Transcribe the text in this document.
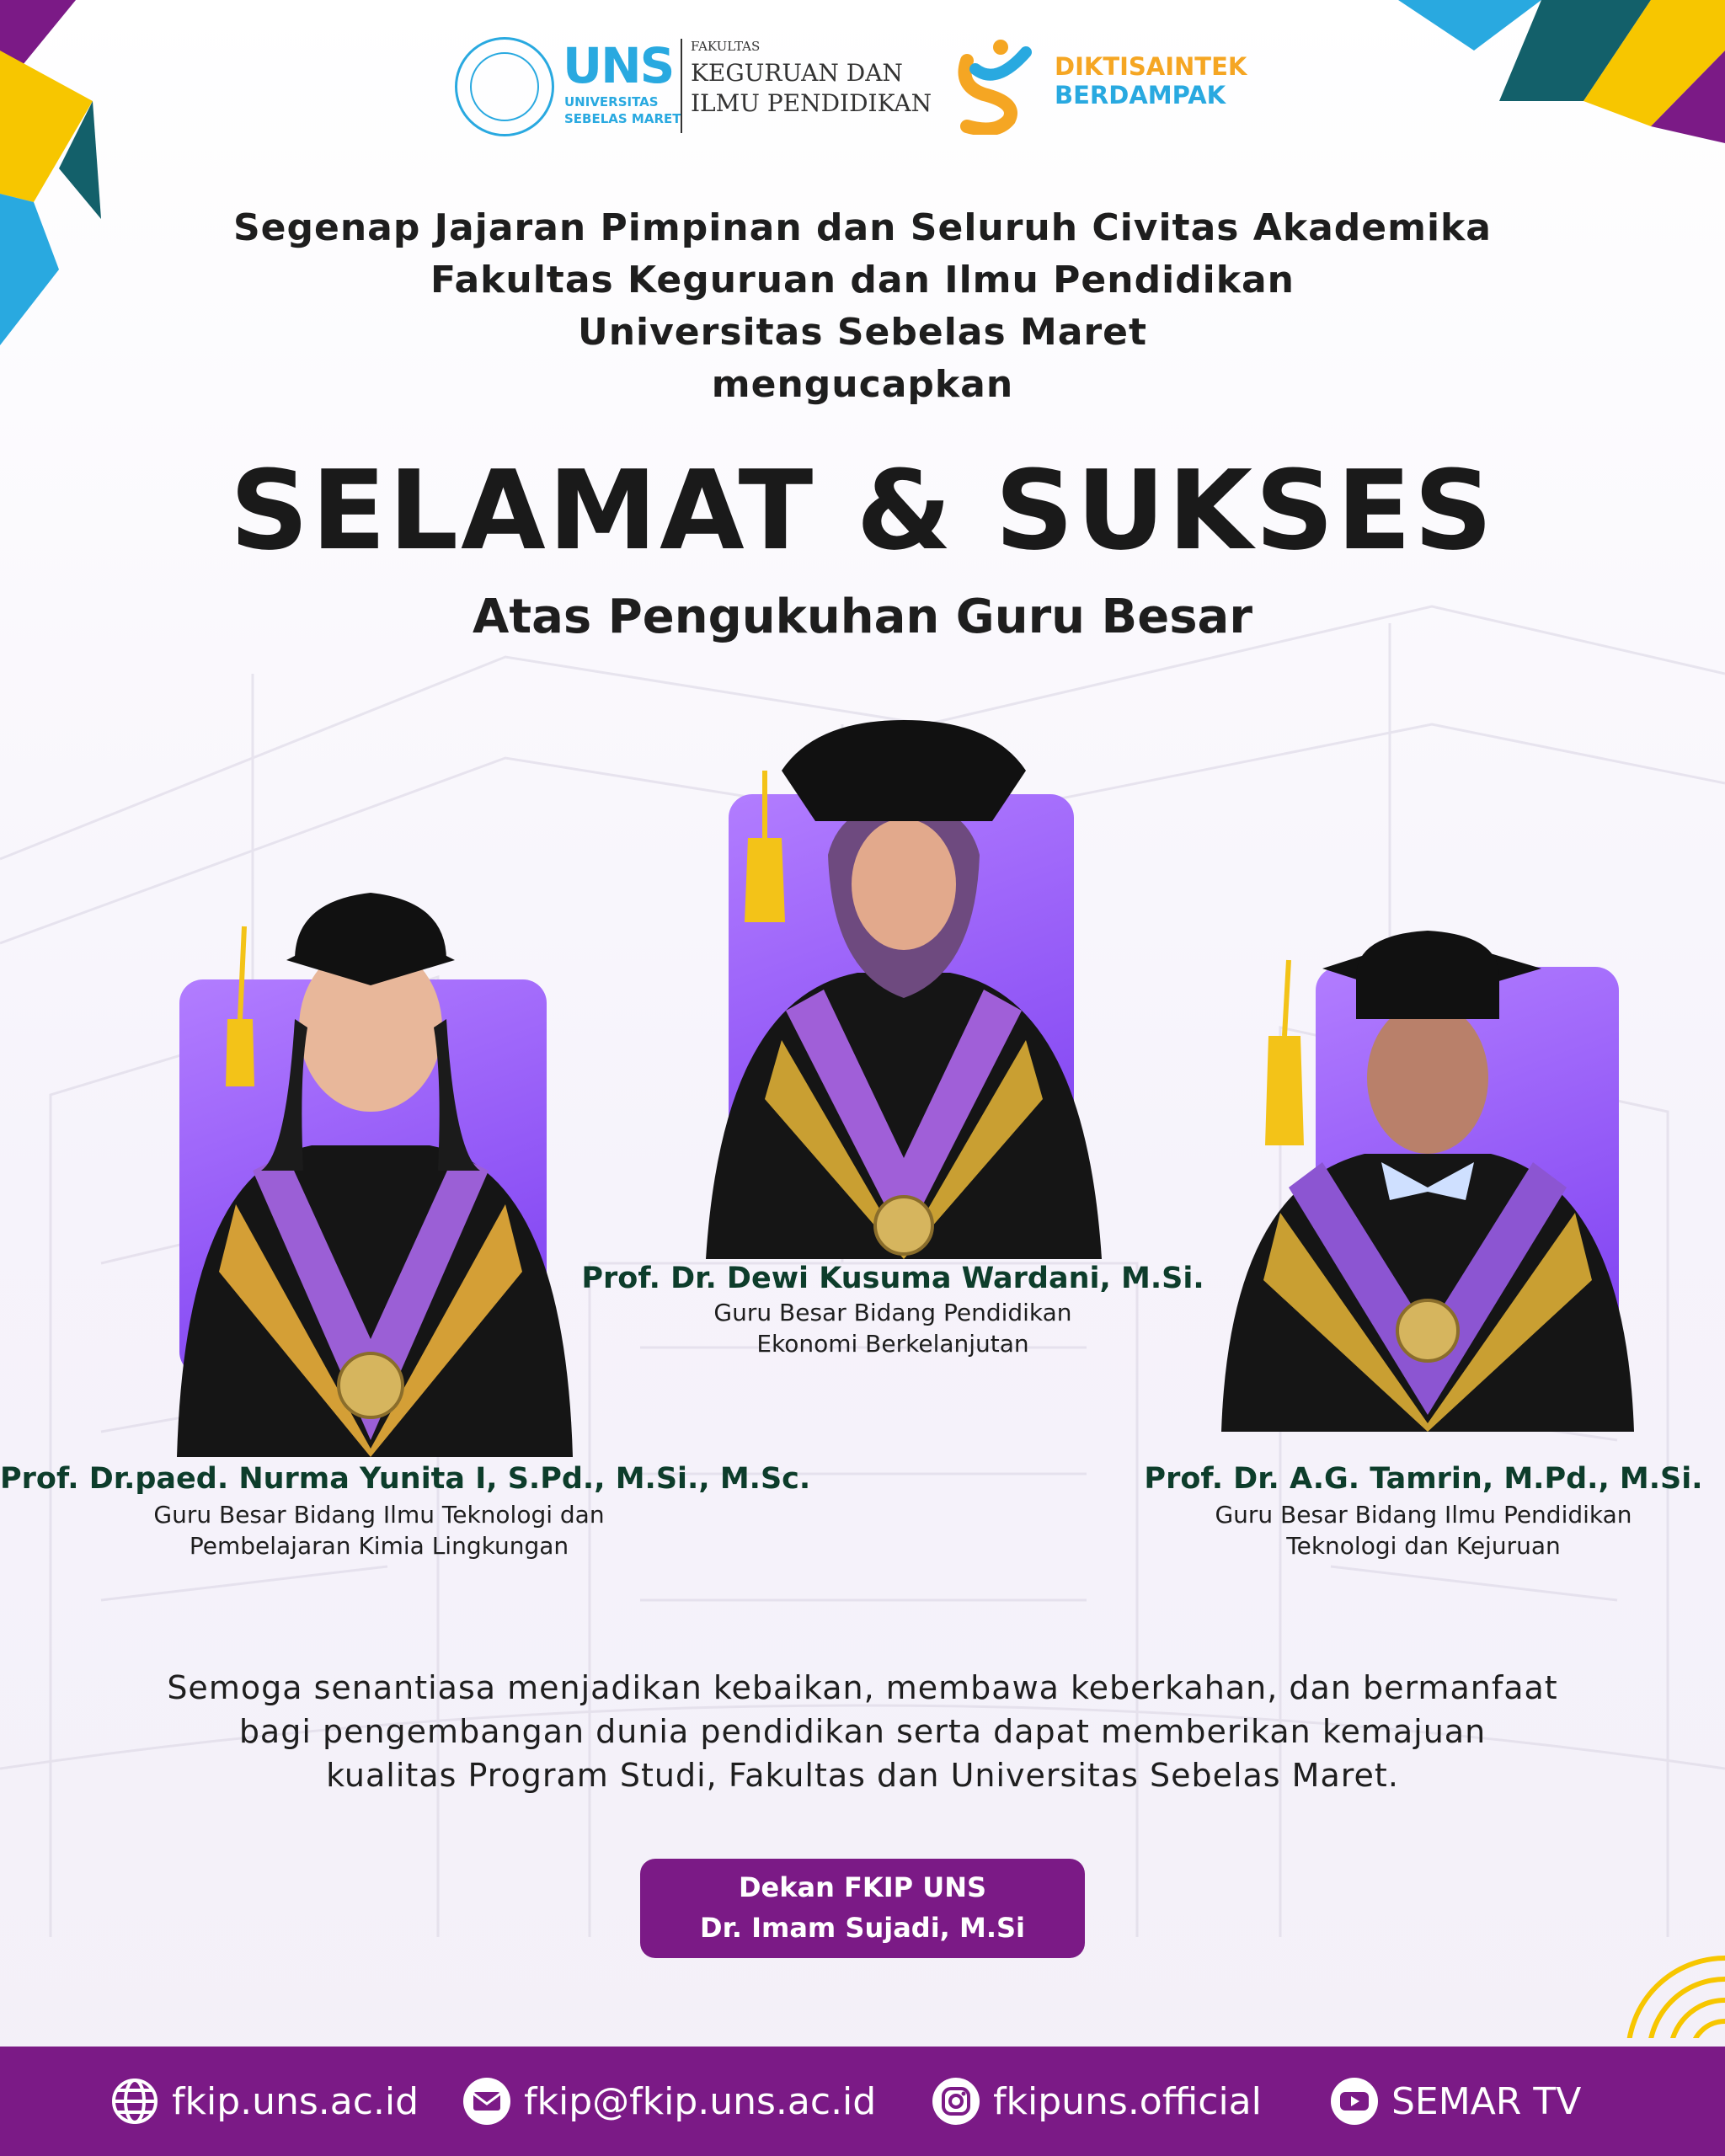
UNS
UNIVERSITAS
SEBELAS MARET
FAKULTAS
KEGURUAN DAN
ILMU PENDIDIKAN
DIKTISAINTEK
BERDAMPAK
Segenap Jajaran Pimpinan dan Seluruh Civitas Akademika
Fakultas Keguruan dan Ilmu Pendidikan
Universitas Sebelas Maret
mengucapkan
SELAMAT & SUKSES
Atas Pengukuhan Guru Besar
Prof. Dr.paed. Nurma Yunita I, S.Pd., M.Si., M.Sc.
Guru Besar Bidang Ilmu Teknologi dan
Pembelajaran Kimia Lingkungan
Prof. Dr. Dewi Kusuma Wardani, M.Si.
Guru Besar Bidang Pendidikan
Ekonomi Berkelanjutan
Prof. Dr. A.G. Tamrin, M.Pd., M.Si.
Guru Besar Bidang Ilmu Pendidikan
Teknologi dan Kejuruan
Semoga senantiasa menjadikan kebaikan, membawa keberkahan, dan bermanfaat
bagi pengembangan dunia pendidikan serta dapat memberikan kemajuan
kualitas Program Studi, Fakultas dan Universitas Sebelas Maret.
Dekan FKIP UNS
Dr. Imam Sujadi, M.Si
fkip.uns.ac.id	fkip@fkip.uns.ac.id	fkipuns.official	SEMAR TV
